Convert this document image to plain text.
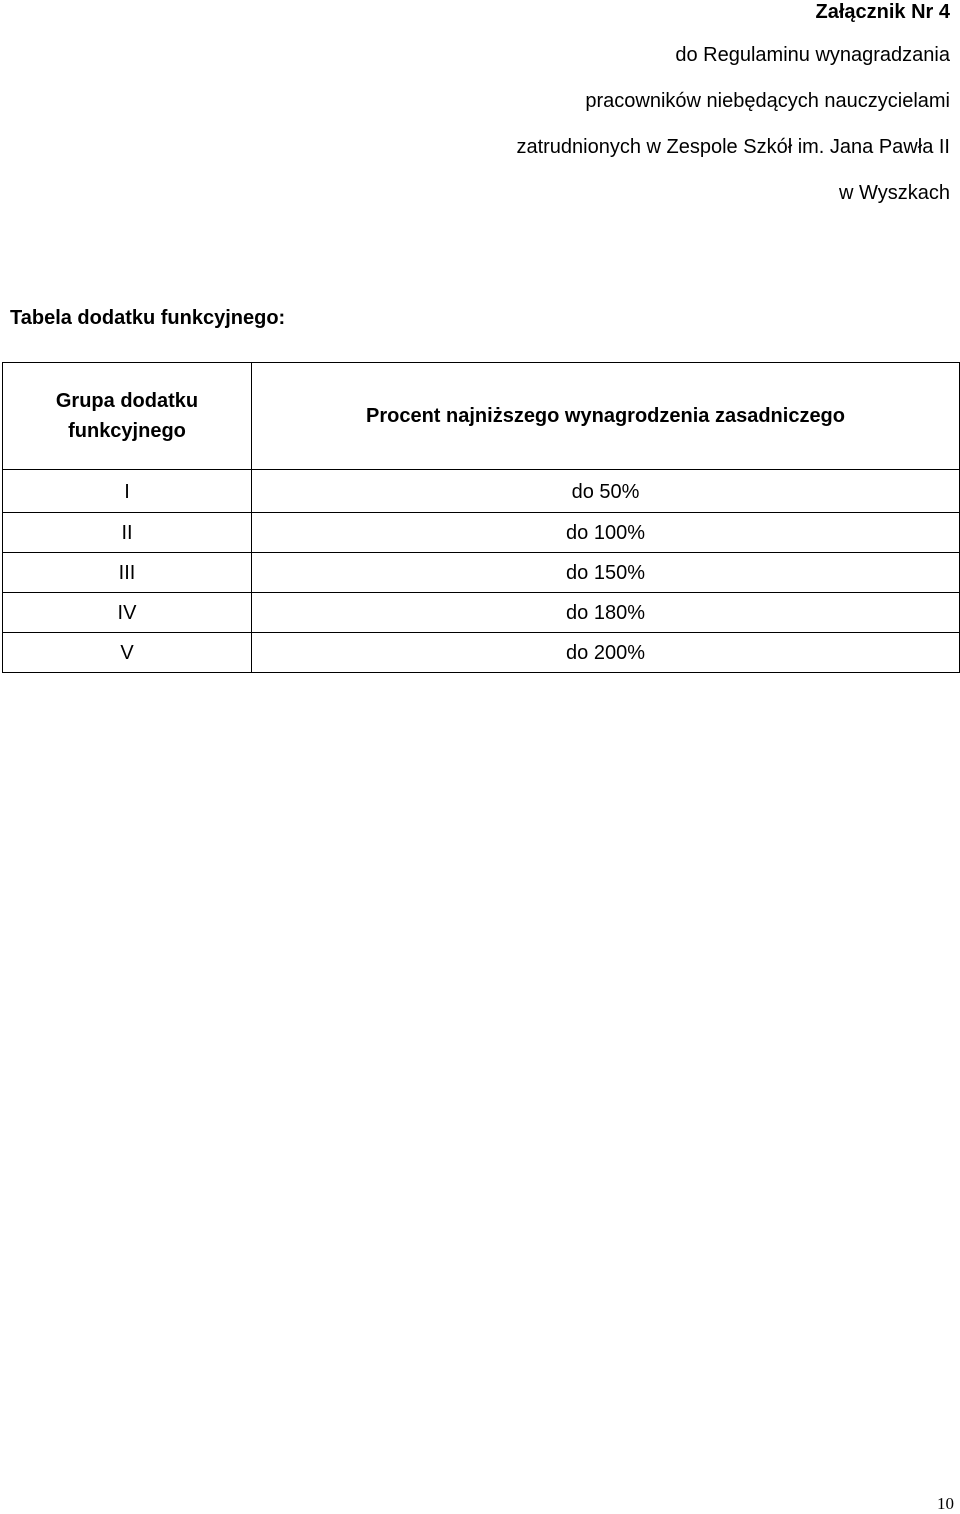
Załącznik Nr 4
do Regulaminu wynagradzania
pracowników niebędących nauczycielami
zatrudnionych w Zespole Szkół im. Jana Pawła II
w Wyszkach
Tabela dodatku funkcyjnego:
Grupa dodatku funkcyjnego	Procent najniższego wynagrodzenia zasadniczego
I	do 50%
II	do 100%
III	do 150%
IV	do 180%
V	do 200%
10
